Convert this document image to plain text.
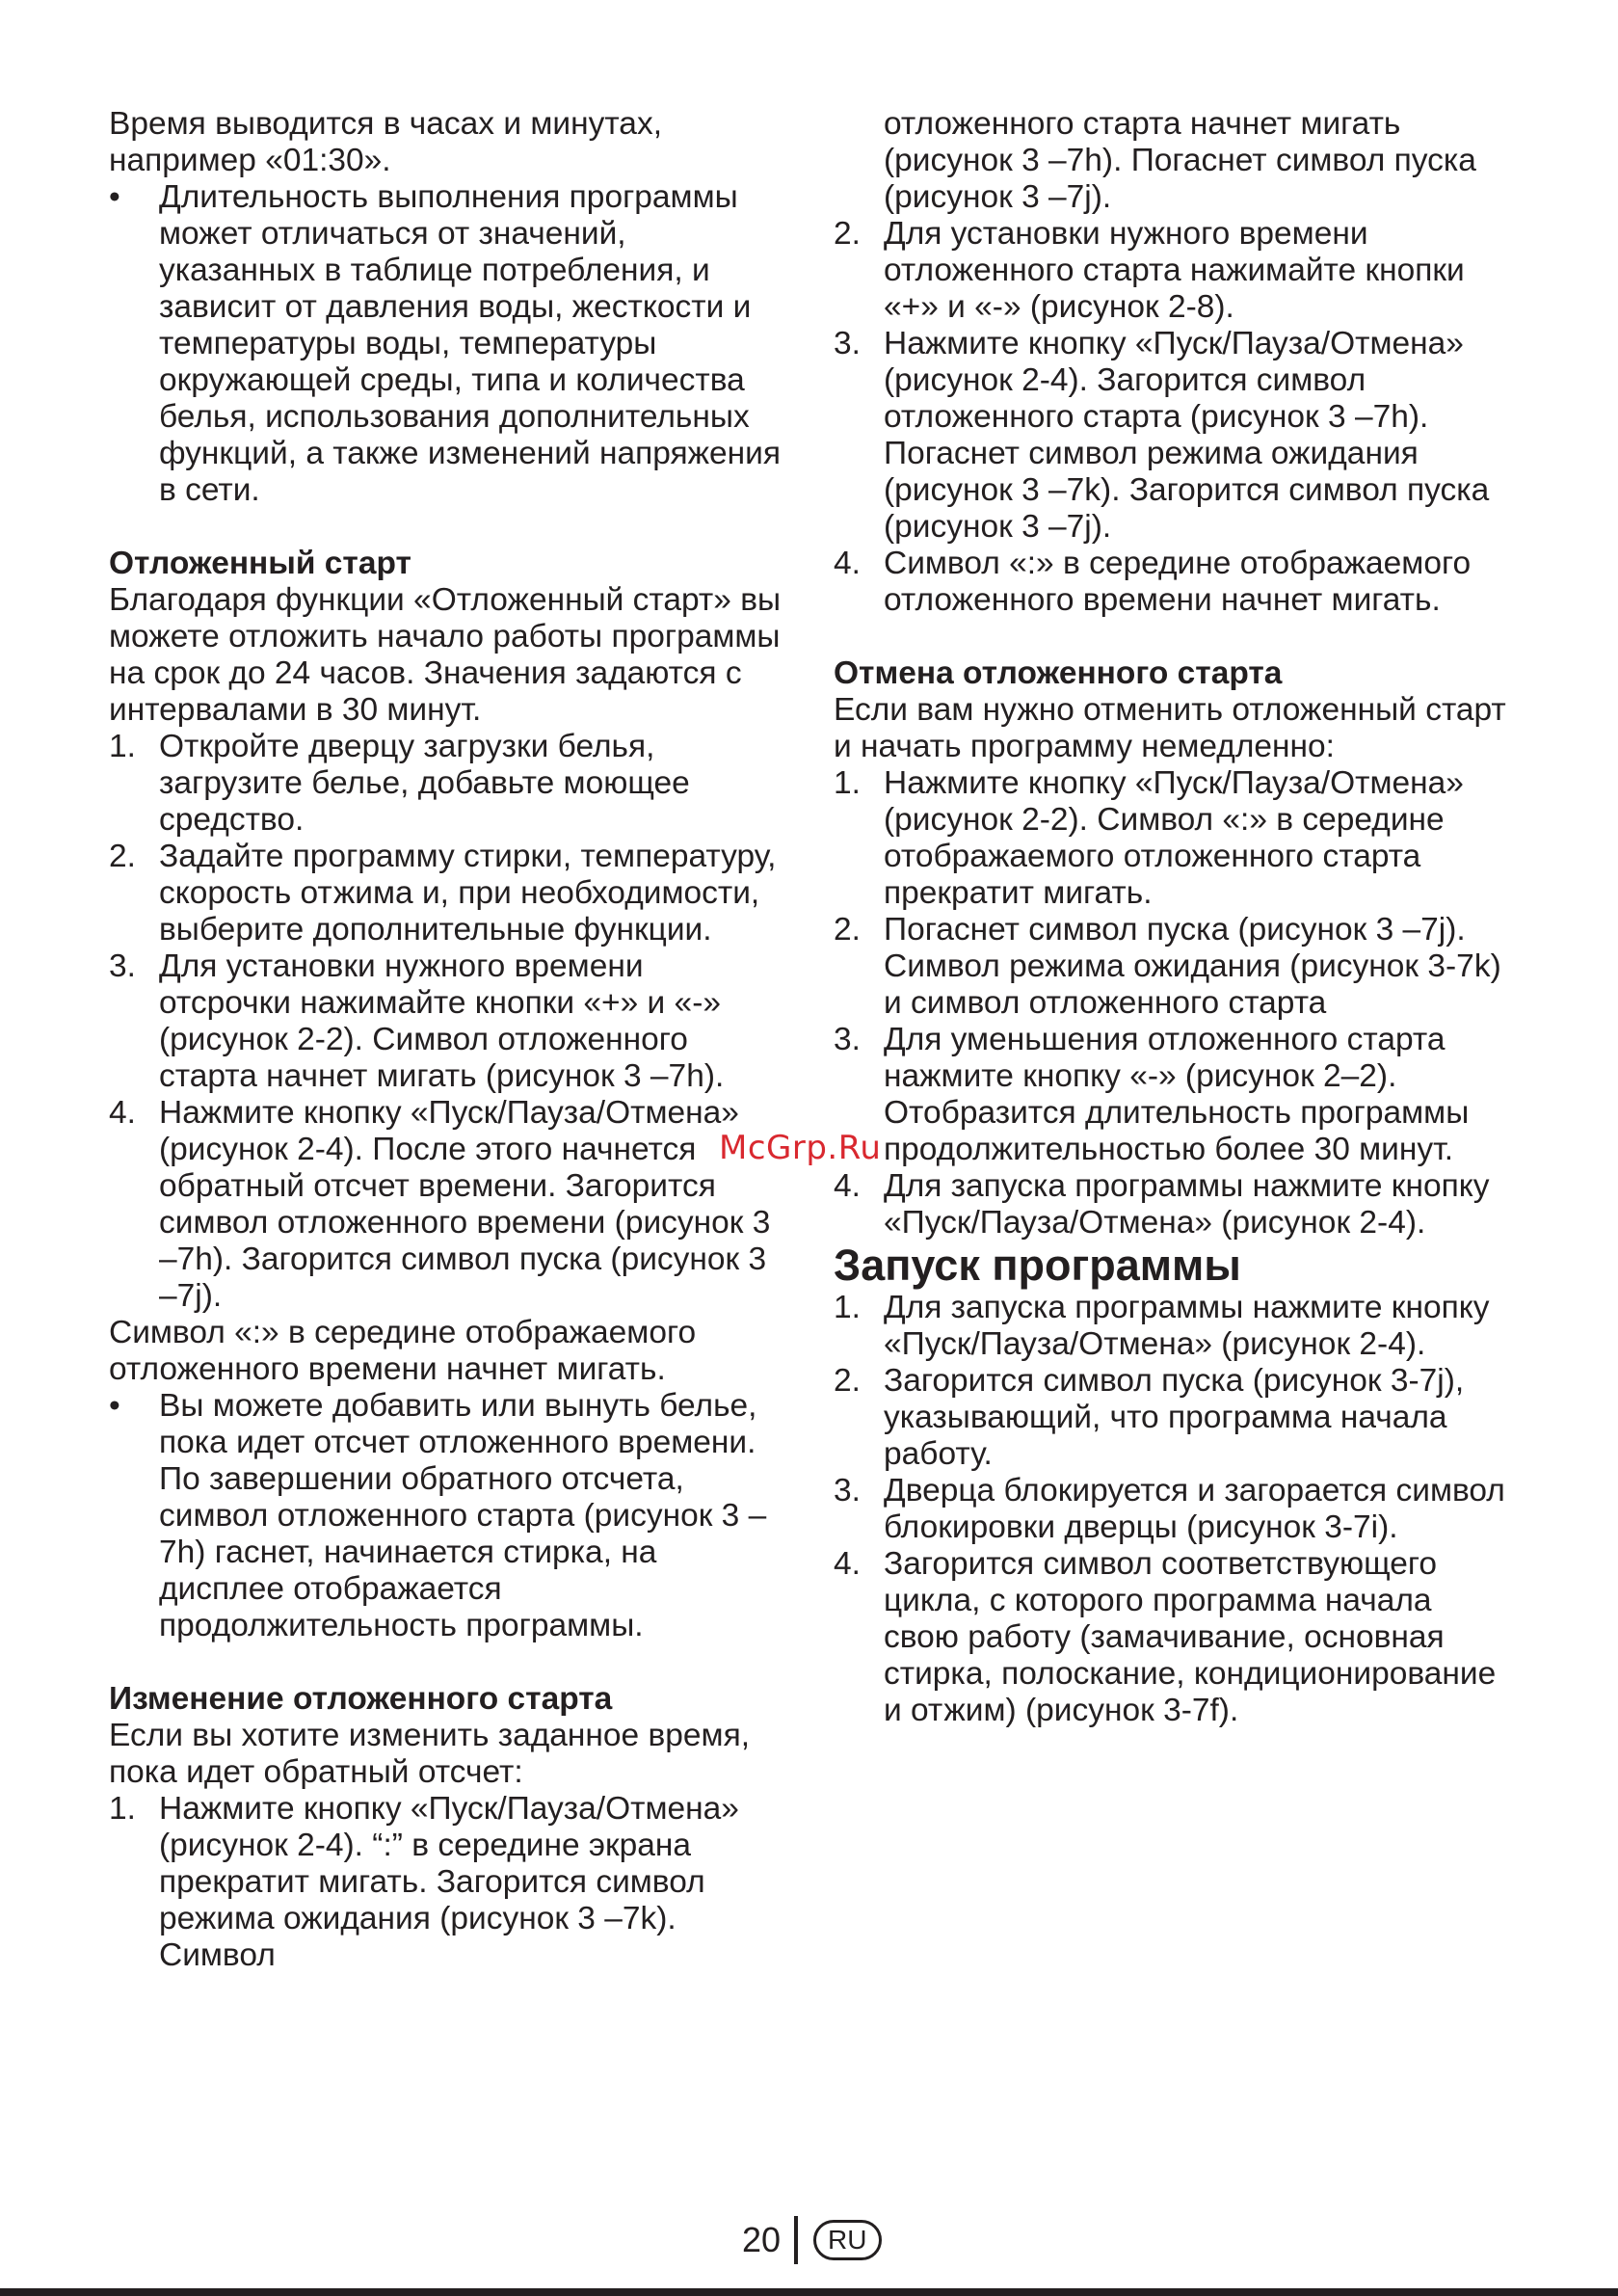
Время выводится в часах и минутах, например «01:30».

• Длительность выполнения программы может отличаться от значений, указанных в таблице потребления, и зависит от давления воды, жесткости и температуры воды, температуры окружающей среды, типа и количества белья, использования дополнительных функций, а также изменений напряжения в сети.

Отложенный старт

Благодаря функции «Отложенный старт» вы можете отложить начало работы программы на срок до 24 часов. Значения задаются с интервалами в 30 минут.

1. Откройте дверцу загрузки белья, загрузите белье, добавьте моющее средство.
2. Задайте программу стирки, температуру, скорость отжима и, при необходимости, выберите дополнительные функции.
3. Для установки нужного времени отсрочки нажимайте кнопки «+» и «-» (рисунок 2-2). Символ отложенного старта начнет мигать (рисунок 3 –7h).
4. Нажмите кнопку «Пуск/Пауза/Отмена» (рисунок 2-4). После этого начнется обратный отсчет времени. Загорится символ отложенного времени (рисунок 3 –7h). Загорится символ пуска (рисунок 3 –7j).

Символ «:» в середине отображаемого отложенного времени начнет мигать.

• Вы можете добавить или вынуть белье, пока идет отсчет отложенного времени. По завершении обратного отсчета, символ отложенного старта (рисунок 3 –7h) гаснет, начинается стирка, на дисплее отображается продолжительность программы.

Изменение отложенного старта

Если вы хотите изменить заданное время, пока идет обратный отсчет:

1. Нажмите кнопку «Пуск/Пауза/Отмена» (рисунок 2-4). “:” в середине экрана прекратит мигать. Загорится символ режима ожидания (рисунок 3 –7k). Символ
отложенного старта начнет мигать (рисунок 3 –7h). Погаснет символ пуска (рисунок 3 –7j).
2. Для установки нужного времени отложенного старта нажимайте кнопки «+» и «-» (рисунок 2-8).
3. Нажмите кнопку «Пуск/Пауза/Отмена» (рисунок 2-4). Загорится символ отложенного старта (рисунок 3 –7h). Погаснет символ режима ожидания (рисунок 3 –7k). Загорится символ пуска (рисунок 3 –7j).
4. Символ «:» в середине отображаемого отложенного времени начнет мигать.

Отмена отложенного старта

Если вам нужно отменить отложенный старт и начать программу немедленно:

1. Нажмите кнопку «Пуск/Пауза/Отмена» (рисунок 2-2). Символ «:» в середине отображаемого отложенного старта прекратит мигать.
2. Погаснет символ пуска (рисунок 3 –7j). Символ режима ожидания (рисунок 3-7k) и символ отложенного старта
3. Для уменьшения отложенного старта нажмите кнопку «-» (рисунок 2–2). Отобразится длительность программы продолжительностью более 30 минут.
4. Для запуска программы нажмите кнопку «Пуск/Пауза/Отмена» (рисунок 2-4).

Запуск программы

1. Для запуска программы нажмите кнопку «Пуск/Пауза/Отмена» (рисунок 2-4).
2. Загорится символ пуска (рисунок 3-7j), указывающий, что программа начала работу.
3. Дверца блокируется и загорается символ блокировки дверцы (рисунок 3-7i).
4. Загорится символ соответствующего цикла, с которого программа начала свою работу (замачивание, основная стирка, полоскание, кондиционирование и отжим) (рисунок 3-7f).
McGrp.Ru
20	RU
